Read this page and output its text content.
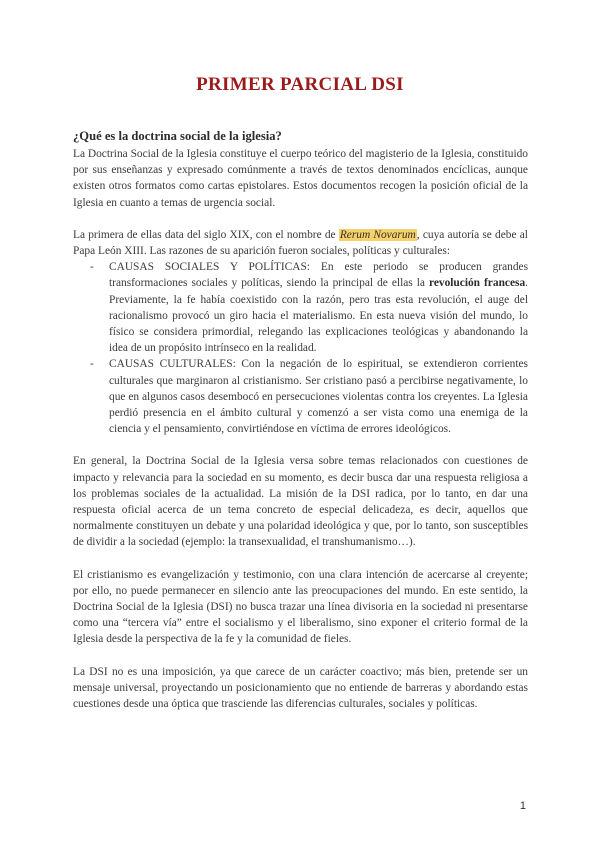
PRIMER PARCIAL DSI
¿Qué es la doctrina social de la iglesia?

La Doctrina Social de la Iglesia constituye el cuerpo teórico del magisterio de la Iglesia, constituido por sus enseñanzas y expresado comúnmente a través de textos denominados encíclicas, aunque existen otros formatos como cartas epistolares. Estos documentos recogen la posición oficial de la Iglesia en cuanto a temas de urgencia social.

La primera de ellas data del siglo XIX, con el nombre de Rerum Novarum, cuya autoría se debe al Papa León XIII. Las razones de su aparición fueron sociales, políticas y culturales:

- CAUSAS SOCIALES Y POLÍTICAS: En este periodo se producen grandes transformaciones sociales y políticas, siendo la principal de ellas la revolución francesa. Previamente, la fe había coexistido con la razón, pero tras esta revolución, el auge del racionalismo provocó un giro hacia el materialismo. En esta nueva visión del mundo, lo físico se considera primordial, relegando las explicaciones teológicas y abandonando la idea de un propósito intrínseco en la realidad.
- CAUSAS CULTURALES: Con la negación de lo espiritual, se extendieron corrientes culturales que marginaron al cristianismo. Ser cristiano pasó a percibirse negativamente, lo que en algunos casos desembocó en persecuciones violentas contra los creyentes. La Iglesia perdió presencia en el ámbito cultural y comenzó a ser vista como una enemiga de la ciencia y el pensamiento, convirtiéndose en víctima de errores ideológicos.

En general, la Doctrina Social de la Iglesia versa sobre temas relacionados con cuestiones de impacto y relevancia para la sociedad en su momento, es decir busca dar una respuesta religiosa a los problemas sociales de la actualidad. La misión de la DSI radica, por lo tanto, en dar una respuesta oficial acerca de un tema concreto de especial delicadeza, es decir, aquellos que normalmente constituyen un debate y una polaridad ideológica y que, por lo tanto, son susceptibles de dividir a la sociedad (ejemplo: la transexualidad, el transhumanismo…).

El cristianismo es evangelización y testimonio, con una clara intención de acercarse al creyente; por ello, no puede permanecer en silencio ante las preocupaciones del mundo. En este sentido, la Doctrina Social de la Iglesia (DSI) no busca trazar una línea divisoria en la sociedad ni presentarse como una “tercera vía” entre el socialismo y el liberalismo, sino exponer el criterio formal de la Iglesia desde la perspectiva de la fe y la comunidad de fieles.

La DSI no es una imposición, ya que carece de un carácter coactivo; más bien, pretende ser un mensaje universal, proyectando un posicionamiento que no entiende de barreras y abordando estas cuestiones desde una óptica que trasciende las diferencias culturales, sociales y políticas.

1
